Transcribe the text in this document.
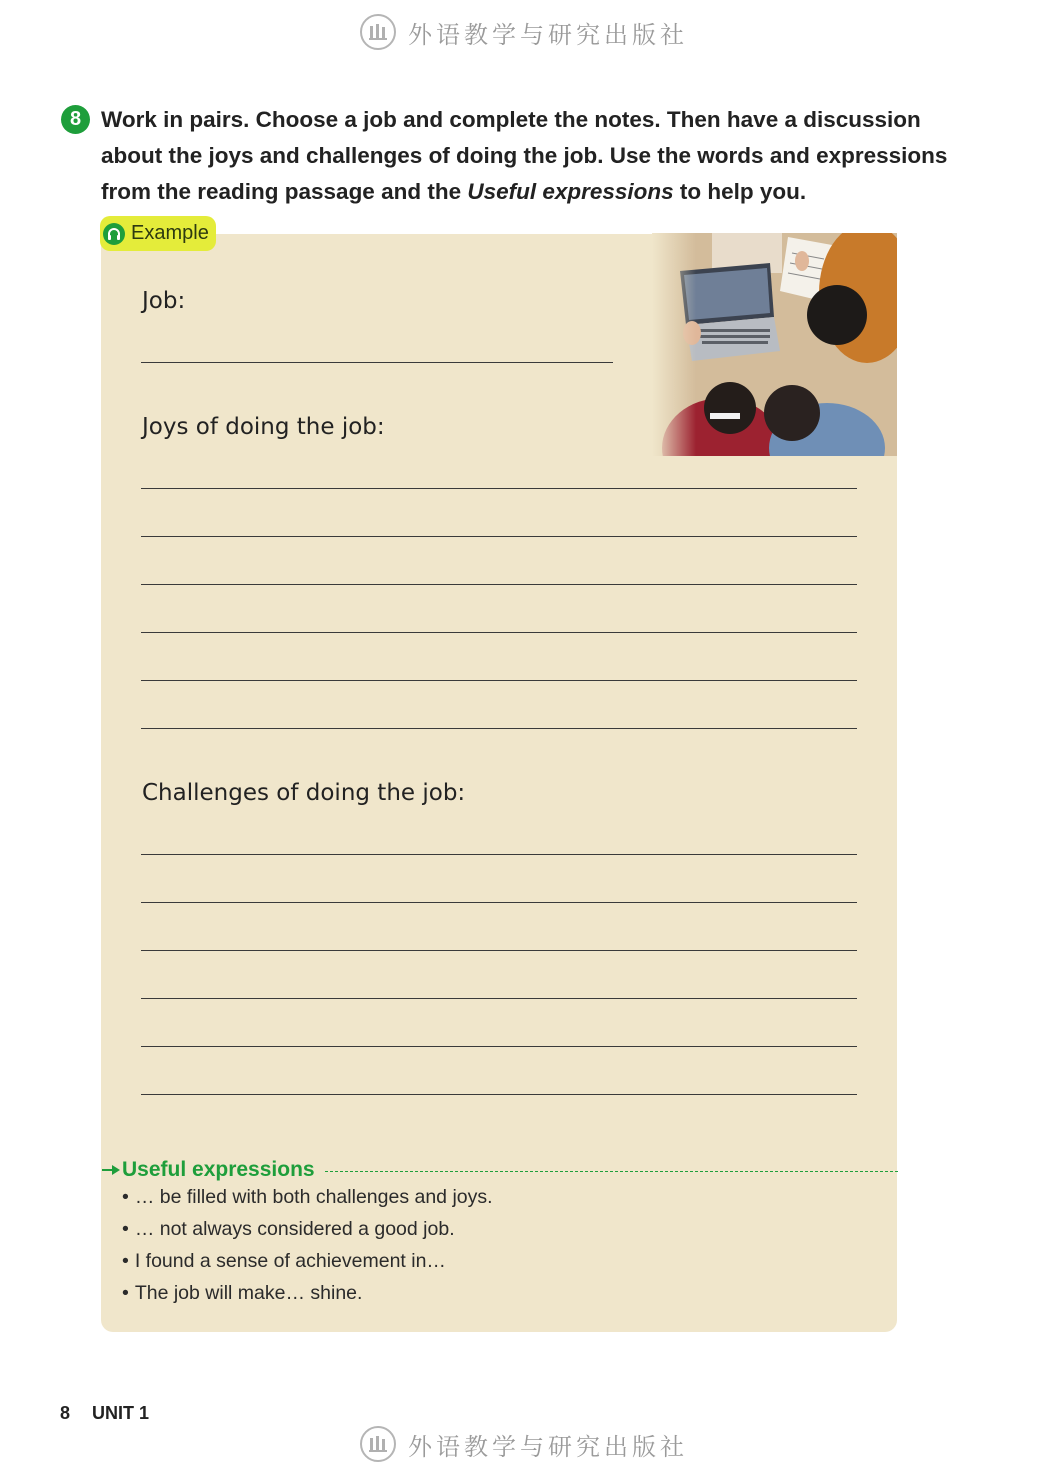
外语教学与研究出版社
8 Work in pairs. Choose a job and complete the notes. Then have a discussion about the joys and challenges of doing the job. Use the words and expressions from the reading passage and the Useful expressions to help you.
Example
Job:
Joys of doing the job:
Challenges of doing the job:
Useful expressions
• … be filled with both challenges and joys.
• … not always considered a good job.
• I found a sense of achievement in…
• The job will make… shine.
8 UNIT 1
外语教学与研究出版社
